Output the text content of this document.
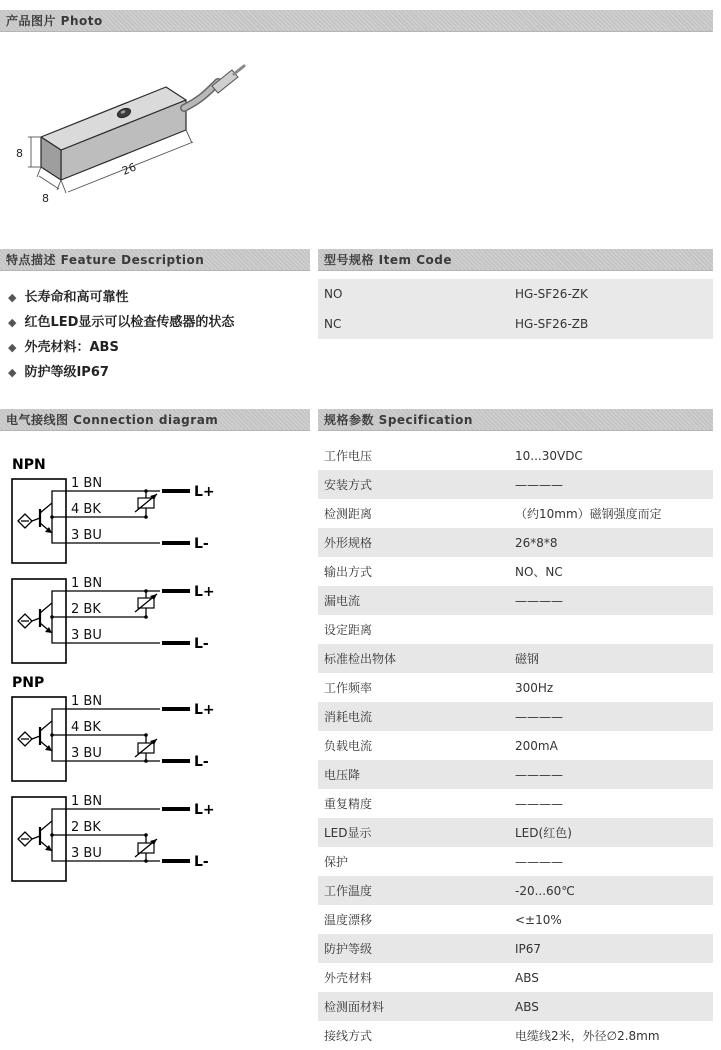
产品图片 Photo
8
8
26
特点描述 Feature Description
◆ 长寿命和高可靠性
◆ 红色LED显示可以检查传感器的状态
◆ 外壳材料：ABS
◆ 防护等级IP67
型号规格 Item Code
NO	HG-SF26-ZK
NC	HG-SF26-ZB
电气接线图 Connection diagram
NPN
1 BN
4 BK
3 BU
L+
L-
1 BN
2 BK
3 BU
L+
L-
PNP
1 BN
4 BK
3 BU
L+
L-
1 BN
2 BK
3 BU
L+
L-
规格参数 Specification
工作电压	10...30VDC
安装方式	————
检测距离	（约10mm）磁钢强度而定
外形规格	26*8*8
输出方式	NO、NC
漏电流	————
设定距离
标准检出物体	磁钢
工作频率	300Hz
消耗电流	————
负载电流	200mA
电压降	————
重复精度	————
LED显示	LED(红色)
保护	————
工作温度	-20...60℃
温度漂移	<±10%
防护等级	IP67
外壳材料	ABS
检测面材料	ABS
接线方式	电缆线2米，外径∅2.8mm
